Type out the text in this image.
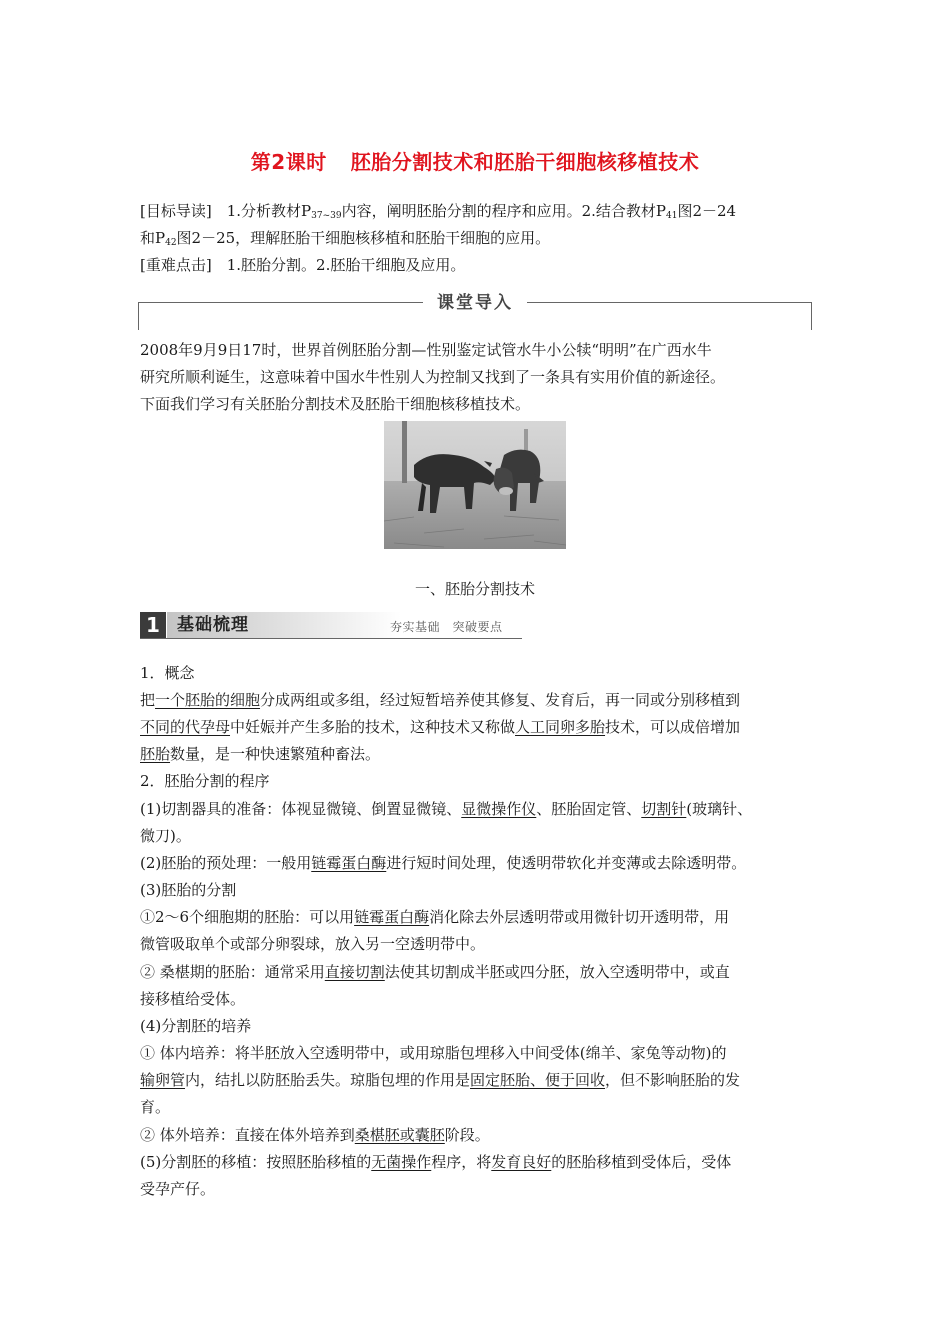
第2课时 胚胎分割技术和胚胎干细胞核移植技术

[目标导读]　 1.分析教材$P_{37\sim 39}$内容，阐明胚胎分割的程序和应用。2.结合教材$P_{41}$图2－24

和$P_{42}$图2－25，理解胚胎干细胞核移植和胚胎干细胞的应用。

[重难点击]　 1.胚胎分割。2.胚胎干细胞及应用。

课堂导入

2008年9月9日17时，世界首例胚胎分割—性别鉴定试管水牛小公犊“明明”在广西水牛

研究所顺利诞生，这意味着中国水牛性别人为控制又找到了一条具有实用价值的新途径。

下面我们学习有关胚胎分割技术及胚胎干细胞核移植技术。

一、胚胎分割技术
1	基础梳理	夯实基础　突破要点

1．概念

把一个胚胎的细胞分成两组或多组，经过短暂培养使其修复、发育后，再一同或分别移植到

不同的代孕母中妊娠并产生多胎的技术，这种技术又称做人工同卵多胎技术，可以成倍增加

胚胎数量，是一种快速繁殖种畜法。

2．胚胎分割的程序

(1)切割器具的准备：体视显微镜、倒置显微镜、显微操作仪、胚胎固定管、切割针(玻璃针、

微刀)。

(2)胚胎的预处理：一般用链霉蛋白酶进行短时间处理，使透明带软化并变薄或去除透明带。

(3)胚胎的分割

①2～6个细胞期的胚胎：可以用链霉蛋白酶消化除去外层透明带或用微针切开透明带，用

微管吸取单个或部分卵裂球，放入另一空透明带中。

② 桑椹期的胚胎：通常采用直接切割法使其切割成半胚或四分胚，放入空透明带中，或直

接移植给受体。

(4)分割胚的培养

① 体内培养：将半胚放入空透明带中，或用琼脂包埋移入中间受体(绵羊、家兔等动物)的

输卵管内，结扎以防胚胎丢失。琼脂包埋的作用是固定胚胎、便于回收，但不影响胚胎的发

育。

② 体外培养：直接在体外培养到桑椹胚或囊胚阶段。

(5)分割胚的移植：按照胚胎移植的无菌操作程序，将发育良好的胚胎移植到受体后，受体

受孕产仔。
